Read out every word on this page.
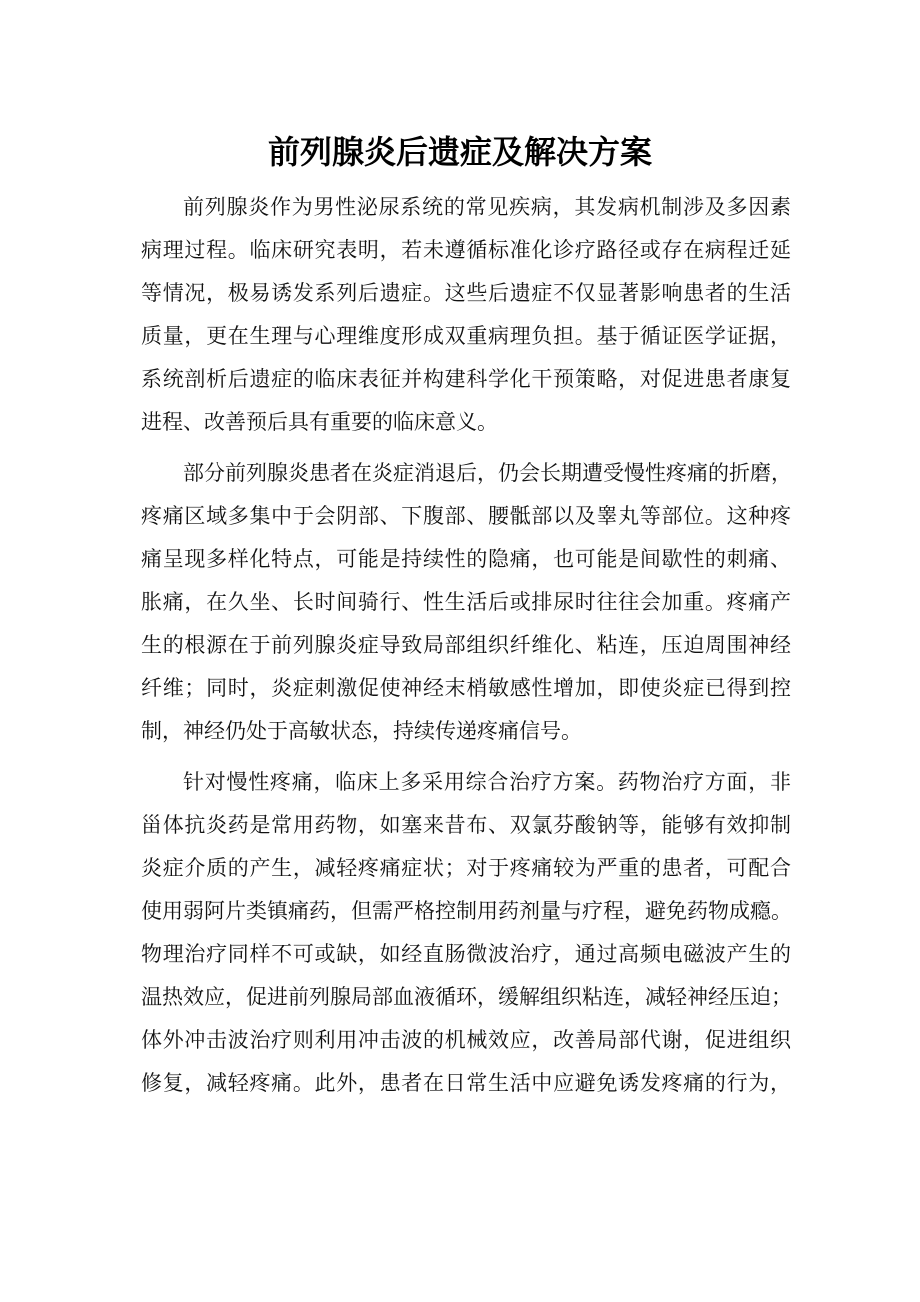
前列腺炎后遗症及解决方案
前列腺炎作为男性泌尿系统的常见疾病，其发病机制涉及多因素
病理过程。临床研究表明，若未遵循标准化诊疗路径或存在病程迁延
等情况，极易诱发系列后遗症。这些后遗症不仅显著影响患者的生活
质量，更在生理与心理维度形成双重病理负担。基于循证医学证据，
系统剖析后遗症的临床表征并构建科学化干预策略，对促进患者康复
进程、改善预后具有重要的临床意义。
部分前列腺炎患者在炎症消退后，仍会长期遭受慢性疼痛的折磨，
疼痛区域多集中于会阴部、下腹部、腰骶部以及睾丸等部位。这种疼
痛呈现多样化特点，可能是持续性的隐痛，也可能是间歇性的刺痛、
胀痛，在久坐、长时间骑行、性生活后或排尿时往往会加重。疼痛产
生的根源在于前列腺炎症导致局部组织纤维化、粘连，压迫周围神经
纤维；同时，炎症刺激促使神经末梢敏感性增加，即使炎症已得到控
制，神经仍处于高敏状态，持续传递疼痛信号。
针对慢性疼痛，临床上多采用综合治疗方案。药物治疗方面，非
甾体抗炎药是常用药物，如塞来昔布、双氯芬酸钠等，能够有效抑制
炎症介质的产生，减轻疼痛症状；对于疼痛较为严重的患者，可配合
使用弱阿片类镇痛药，但需严格控制用药剂量与疗程，避免药物成瘾。
物理治疗同样不可或缺，如经直肠微波治疗，通过高频电磁波产生的
温热效应，促进前列腺局部血液循环，缓解组织粘连，减轻神经压迫；
体外冲击波治疗则利用冲击波的机械效应，改善局部代谢，促进组织
修复，减轻疼痛。此外，患者在日常生活中应避免诱发疼痛的行为，
